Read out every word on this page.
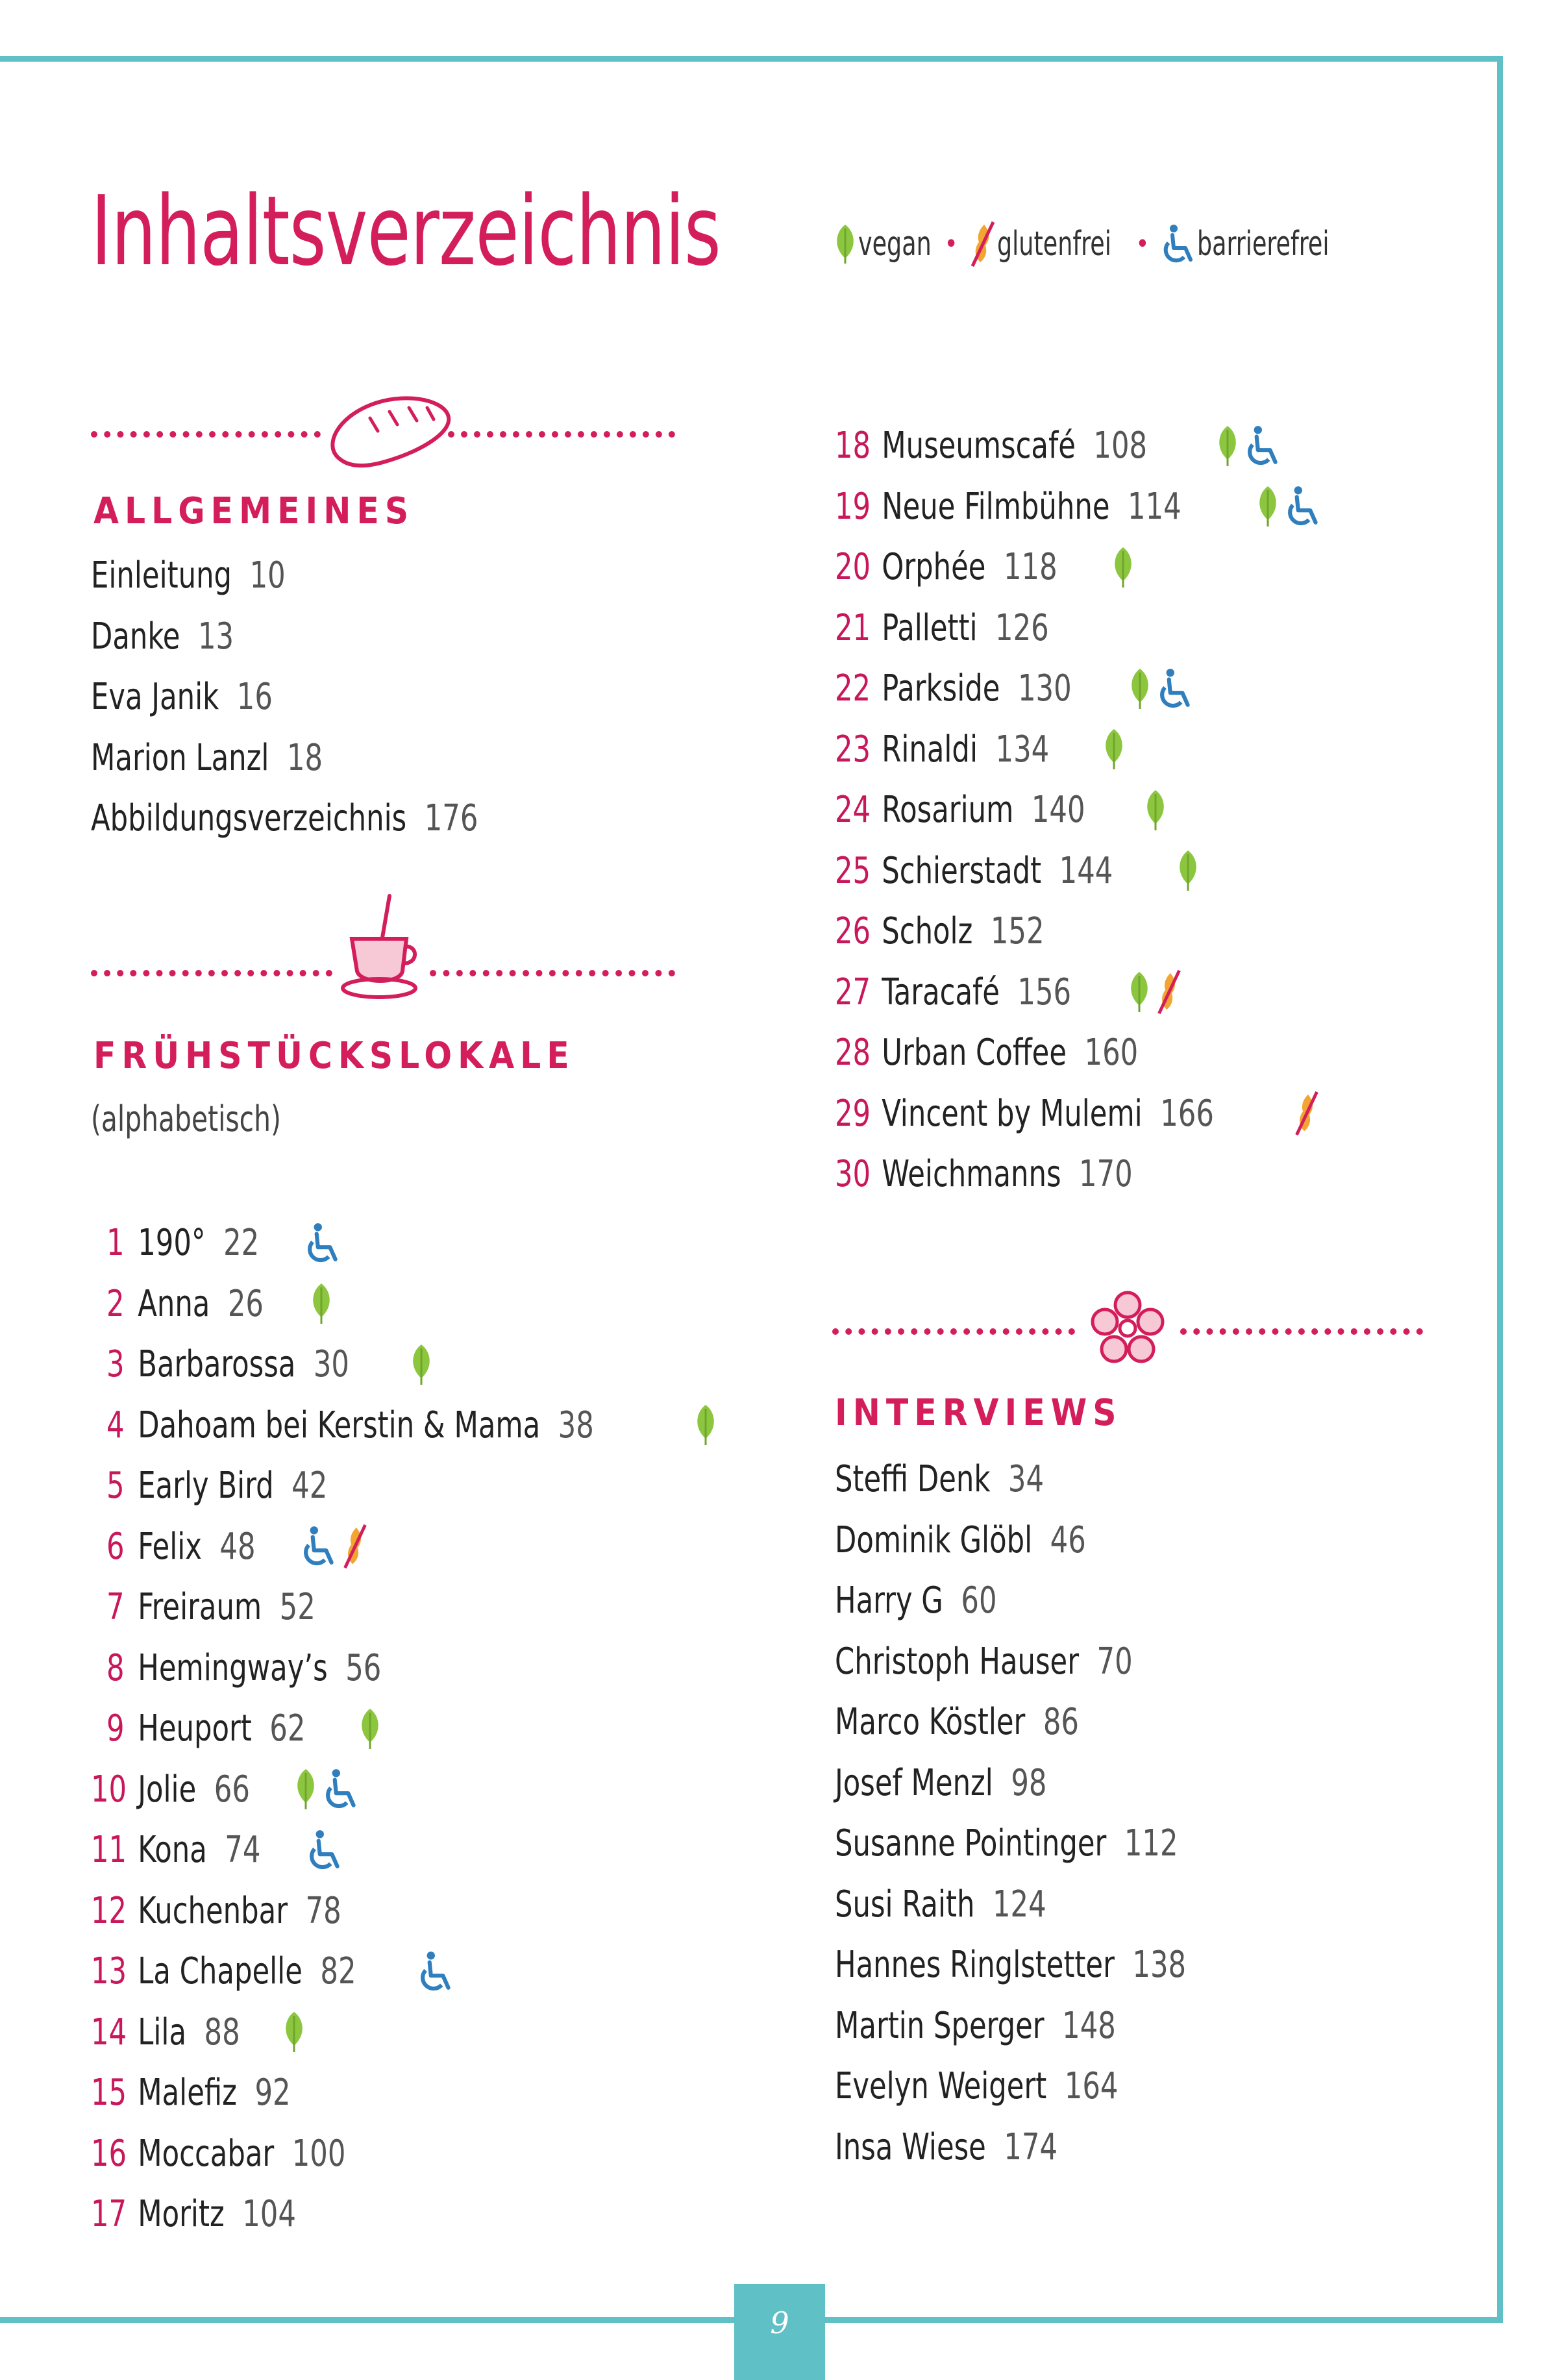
Inhaltsverzeichnis	vegan • glutenfrei • barrierefrei
ALLGEMEINES
Einleitung 10
Danke 13
Eva Janik 16
Marion Lanzl 18
Abbildungsverzeichnis 176
FRÜHSTÜCKSLOKALE
(alphabetisch)
1 190° 22
2 Anna 26
3 Barbarossa 30
4 Dahoam bei Kerstin & Mama 38
5 Early Bird 42
6 Felix 48
7 Freiraum 52
8 Hemingway’s 56
9 Heuport 62
10 Jolie 66
11 Kona 74
12 Kuchenbar 78
13 La Chapelle 82
14 Lila 88
15 Malefiz 92
16 Moccabar 100
17 Moritz 104
18 Museumscafé 108
19 Neue Filmbühne 114
20 Orphée 118
21 Palletti 126
22 Parkside 130
23 Rinaldi 134
24 Rosarium 140
25 Schierstadt 144
26 Scholz 152
27 Taracafé 156
28 Urban Coffee 160
29 Vincent by Mulemi 166
30 Weichmanns 170
INTERVIEWS
Steffi Denk 34
Dominik Glöbl 46
Harry G 60
Christoph Hauser 70
Marco Köstler 86
Josef Menzl 98
Susanne Pointinger 112
Susi Raith 124
Hannes Ringlstetter 138
Martin Sperger 148
Evelyn Weigert 164
Insa Wiese 174
9
